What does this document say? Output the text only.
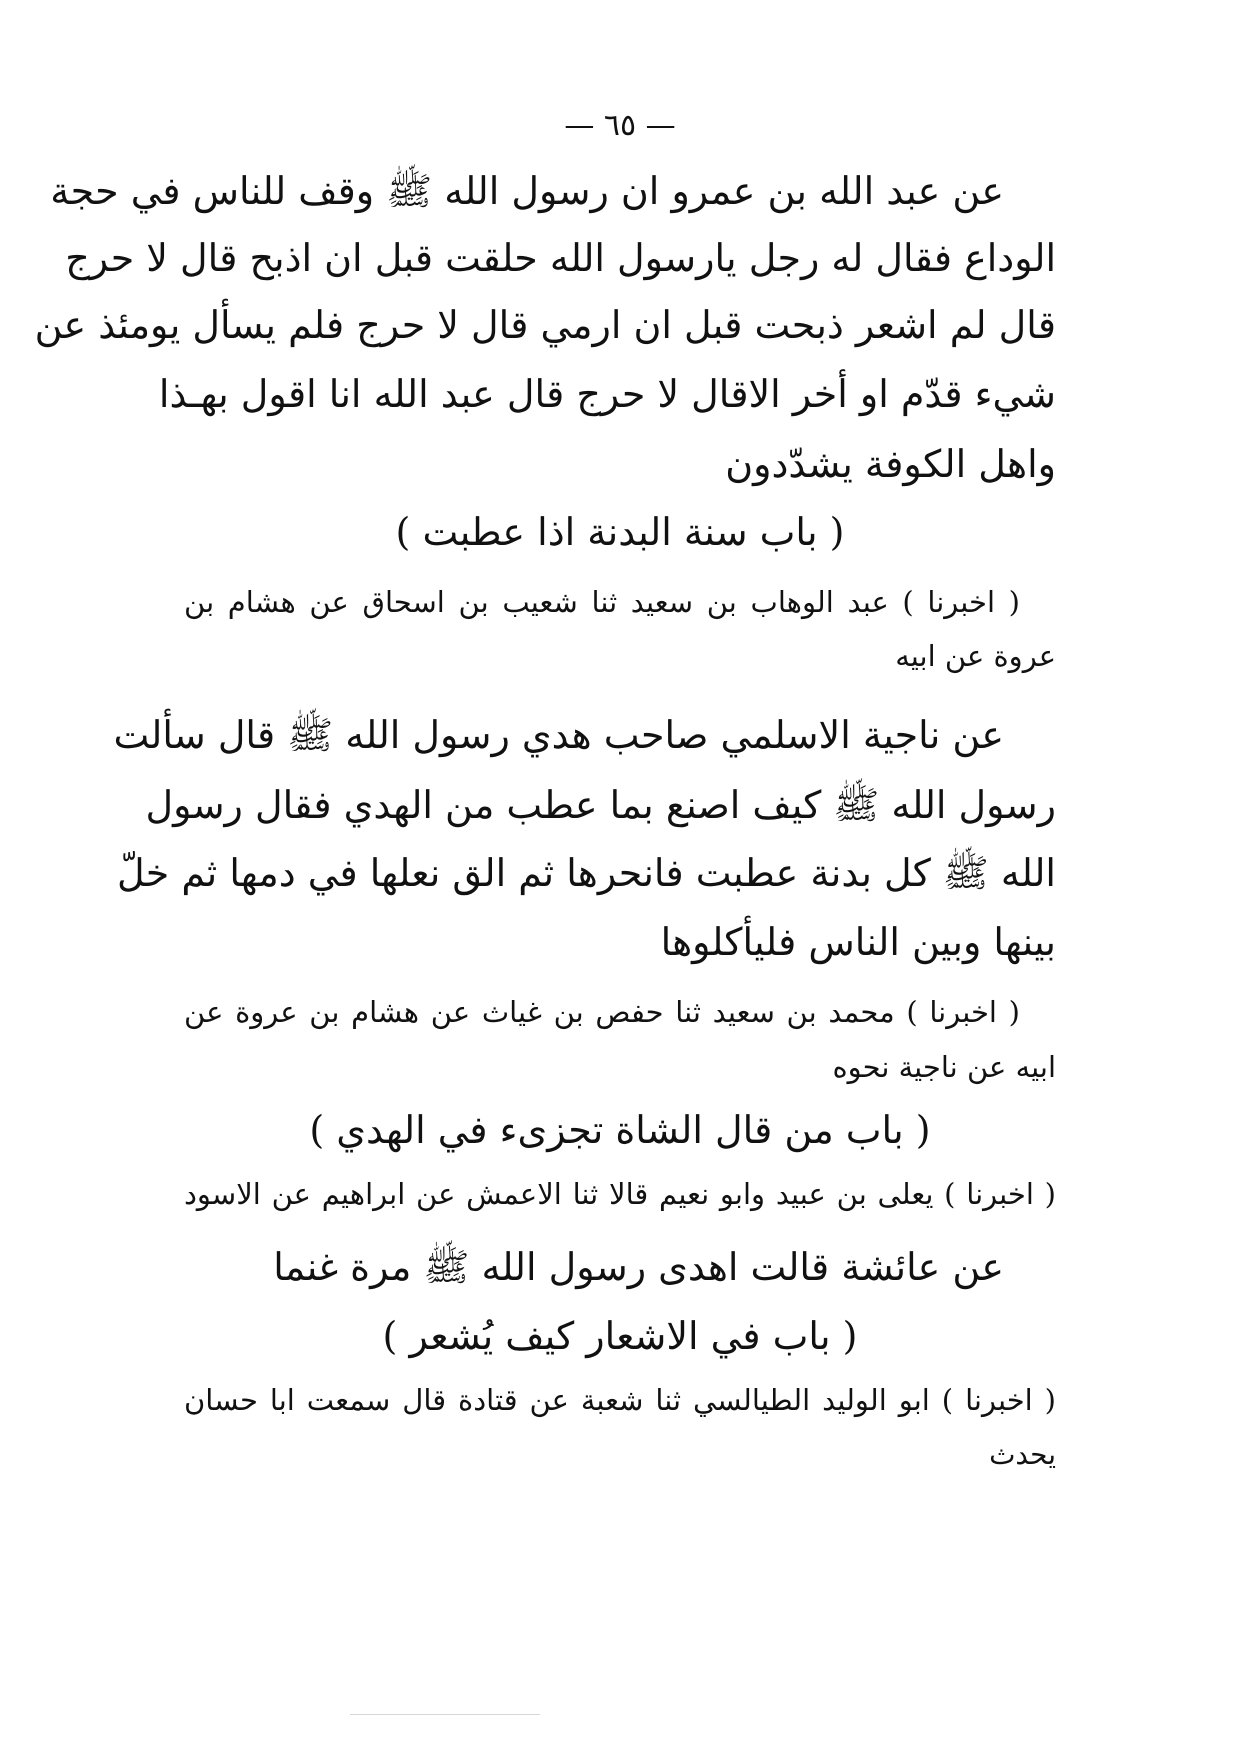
— ٦٥ —
عن عبد الله بن عمرو ان رسول الله ﷺ وقف للناس في حجة
الوداع فقال له رجل يارسول الله حلقت قبل ان اذبح قال لا حرج
قال لم اشعر ذبحت قبل ان ارمي قال لا حرج فلم يسأل يومئذ عن
شيء قدّم او أخر الاقال لا حرج قال عبد الله انا اقول بهـذا
واهل الكوفة يشدّدون
( باب سنة البدنة اذا عطبت )
( اخبرنا ) عبد الوهاب بن سعيد ثنا شعيب بن اسحاق عن هشام بن
عروة عن ابيه
عن ناجية الاسلمي صاحب هدي رسول الله ﷺ قال سألت
رسول الله ﷺ كيف اصنع بما عطب من الهدي فقال رسول
الله ﷺ كل بدنة عطبت فانحرها ثم الق نعلها في دمها ثم خلّ
بينها وبين الناس فليأكلوها
( اخبرنا ) محمد بن سعيد ثنا حفص بن غياث عن هشام بن عروة عن
ابيه عن ناجية نحوه
( باب من قال الشاة تجزىء في الهدي )
( اخبرنا ) يعلى بن عبيد وابو نعيم قالا ثنا الاعمش عن ابراهيم عن الاسود
عن عائشة قالت اهدى رسول الله ﷺ مرة غنما
( باب في الاشعار كيف يُشعر )
( اخبرنا ) ابو الوليد الطيالسي ثنا شعبة عن قتادة قال سمعت ابا حسان
يحدث
